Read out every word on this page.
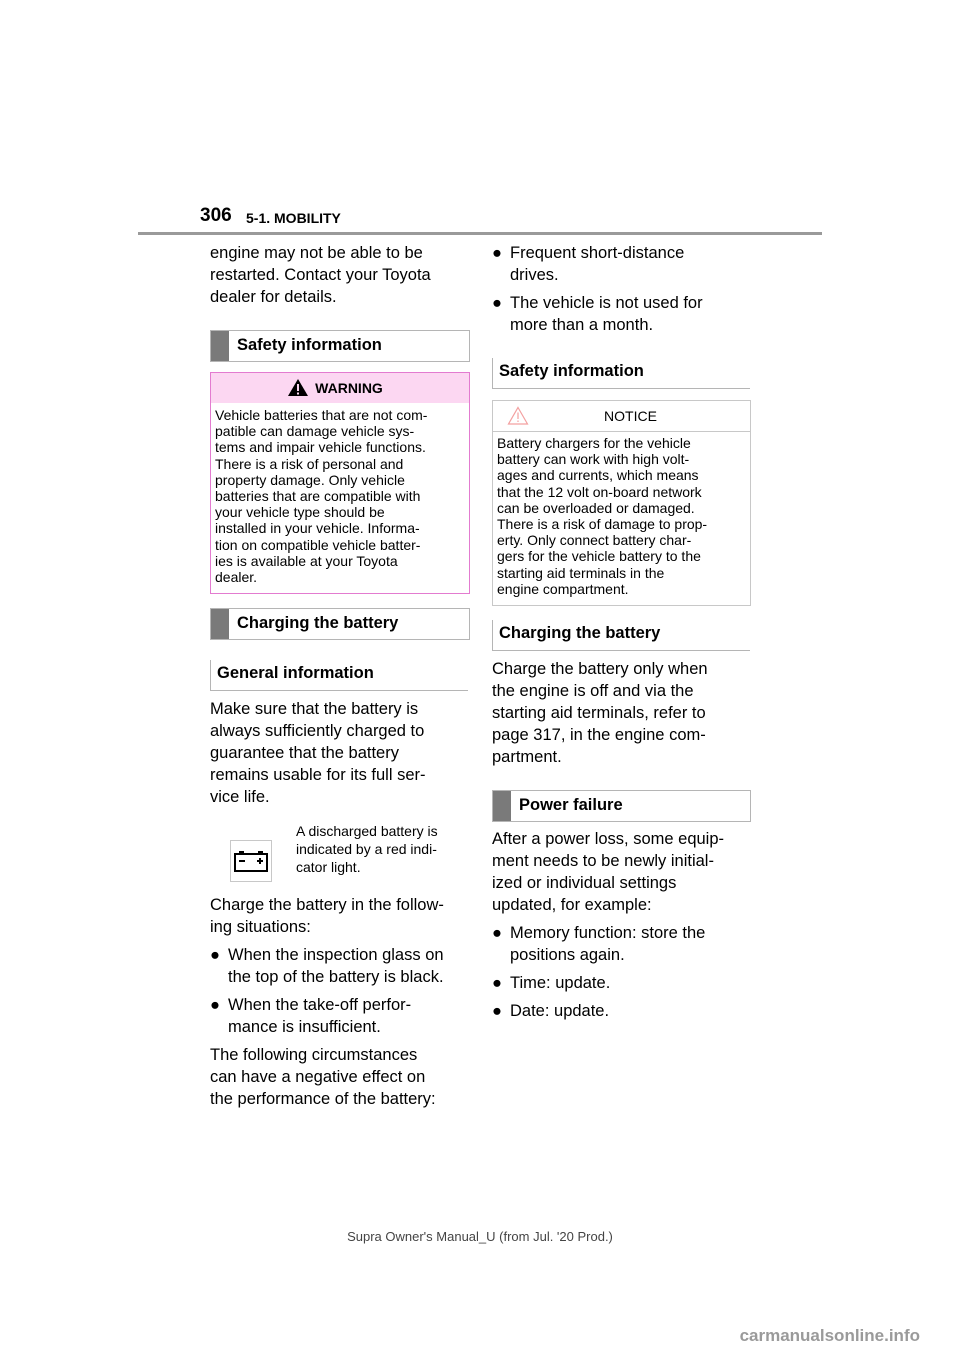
306 5-1. MOBILITY
engine may not be able to be
restarted. Contact your Toyota
dealer for details.
Safety information
WARNING
Vehicle batteries that are not com-
patible can damage vehicle sys-
tems and impair vehicle functions.
There is a risk of personal and
property damage. Only vehicle
batteries that are compatible with
your vehicle type should be
installed in your vehicle. Informa-
tion on compatible vehicle batter-
ies is available at your Toyota
dealer.
Charging the battery
General information
Make sure that the battery is
always sufficiently charged to
guarantee that the battery
remains usable for its full ser-
vice life.
A discharged battery is
indicated by a red indi-
cator light.
Charge the battery in the follow-
ing situations:
● When the inspection glass on
the top of the battery is black.
● When the take-off perfor-
mance is insufficient.
The following circumstances
can have a negative effect on
the performance of the battery:
● Frequent short-distance
drives.
● The vehicle is not used for
more than a month.
Safety information
NOTICE
Battery chargers for the vehicle
battery can work with high volt-
ages and currents, which means
that the 12 volt on-board network
can be overloaded or damaged.
There is a risk of damage to prop-
erty. Only connect battery char-
gers for the vehicle battery to the
starting aid terminals in the
engine compartment.
Charging the battery
Charge the battery only when
the engine is off and via the
starting aid terminals, refer to
page 317, in the engine com-
partment.
Power failure
After a power loss, some equip-
ment needs to be newly initial-
ized or individual settings
updated, for example:
● Memory function: store the
positions again.
● Time: update.
● Date: update.
Supra Owner's Manual_U (from Jul. '20 Prod.)
carmanualsonline.info
